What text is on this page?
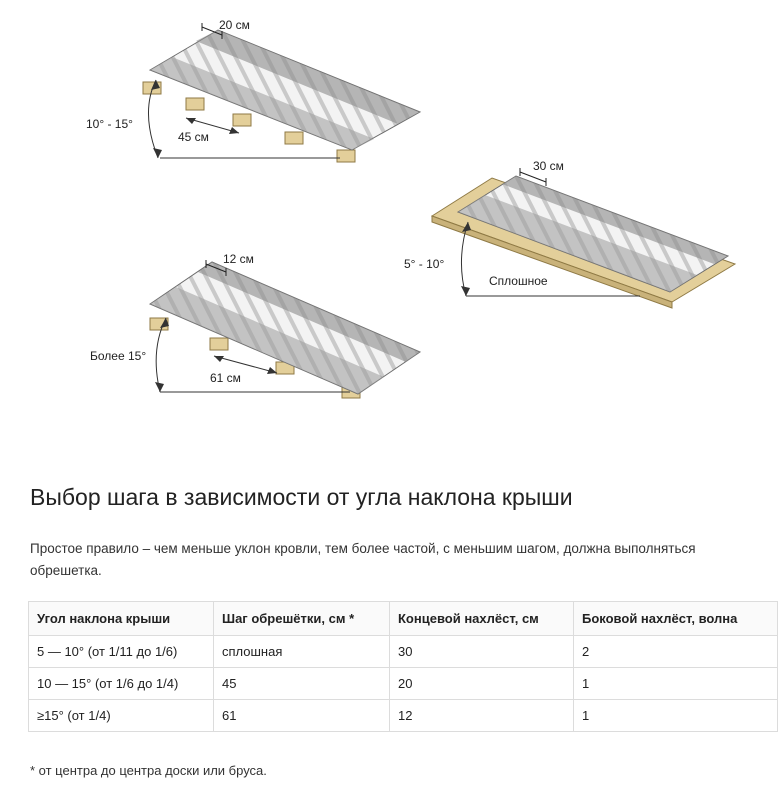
20 см
10° - 15°
45 см
30 см
5° - 10°
Сплошное
12 см
Более 15°
61 см
Выбор шага в зависимости от угла наклона крыши

Простое правило – чем меньше уклон кровли, тем более частой, с меньшим шагом, должна выполняться обрешетка.

Угол наклона крыши	Шаг обрешётки, см *	Концевой нахлёст, см	Боковой нахлёст, волна
5 — 10° (от 1/11 до 1/6)	сплошная	30	2
10 — 15° (от 1/6 до 1/4)	45	20	1
≥15° (от 1/4)	61	12	1

* от центра до центра доски или бруса.
